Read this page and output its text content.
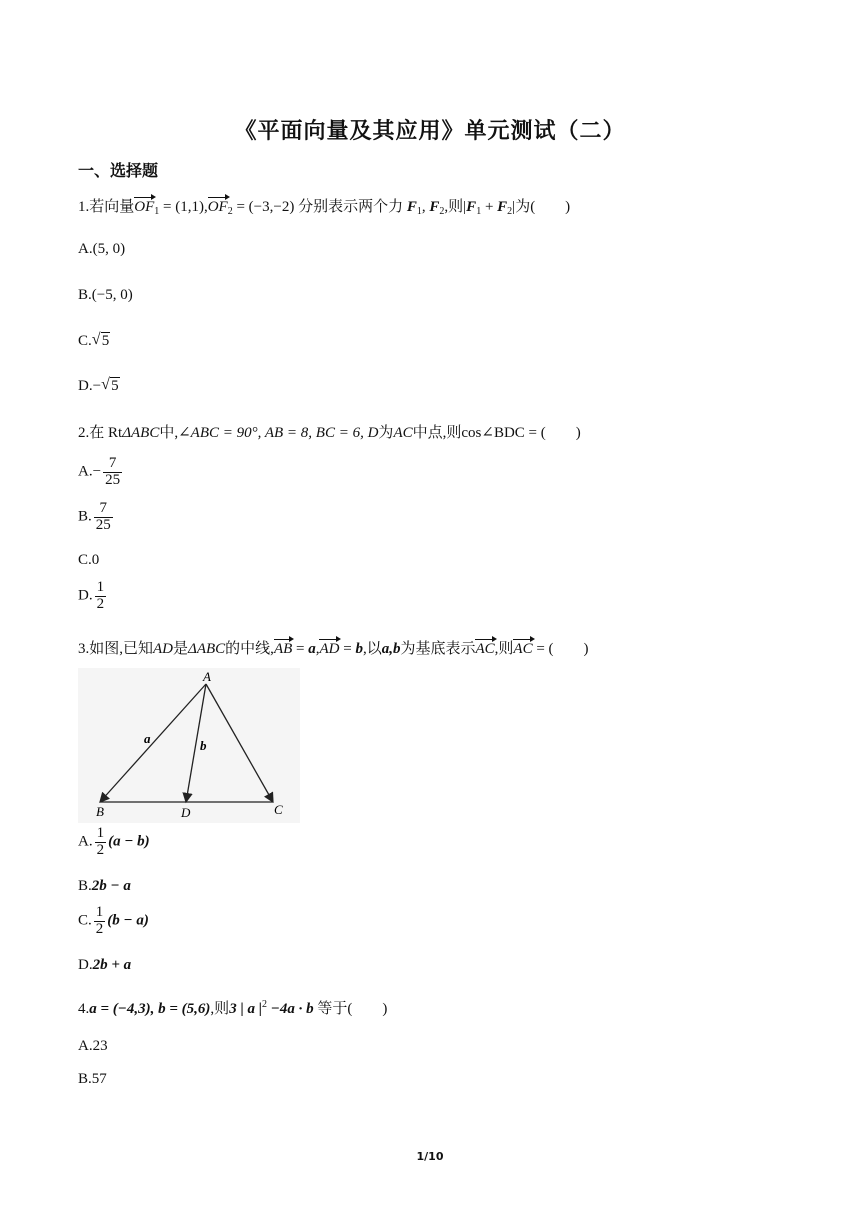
《平面向量及其应用》单元测试（二）
一、选择题
1.若向量$OF_1 = (1,1),OF_2 = (-3,-2)$ 分别表示两个力 $F_1$, $F_2$,则$|F_1 + F_2|$为(　　)
A.(5, 0)
B.(−5, 0)
C. √ 5
D.− √ 5
2.在 RtΔABC中,∠ABC = 90°, AB = 8, BC = 6, D为AC中点,则cos∠BDC = (　　)
$A.- \frac{7}{25}$
B. $\frac{7}{25}$
C.0
D. $\frac{1}{2}$
3.如图,已知AD是ΔABC的中线,AB = a,AD = b,以a,b为基底表示AC,则AC = (　　)
A
B	D	C
a	b
A. $\frac{1}{2} (a - b)$
B.2b − a
C. $\frac{1}{2} (b - a)$
D.2b + a
4.a = (−4,3), b = (5,6),则3 | a $|^2 -4a \cdot b$ 等于(　　)
A.23
B.57
1/10
